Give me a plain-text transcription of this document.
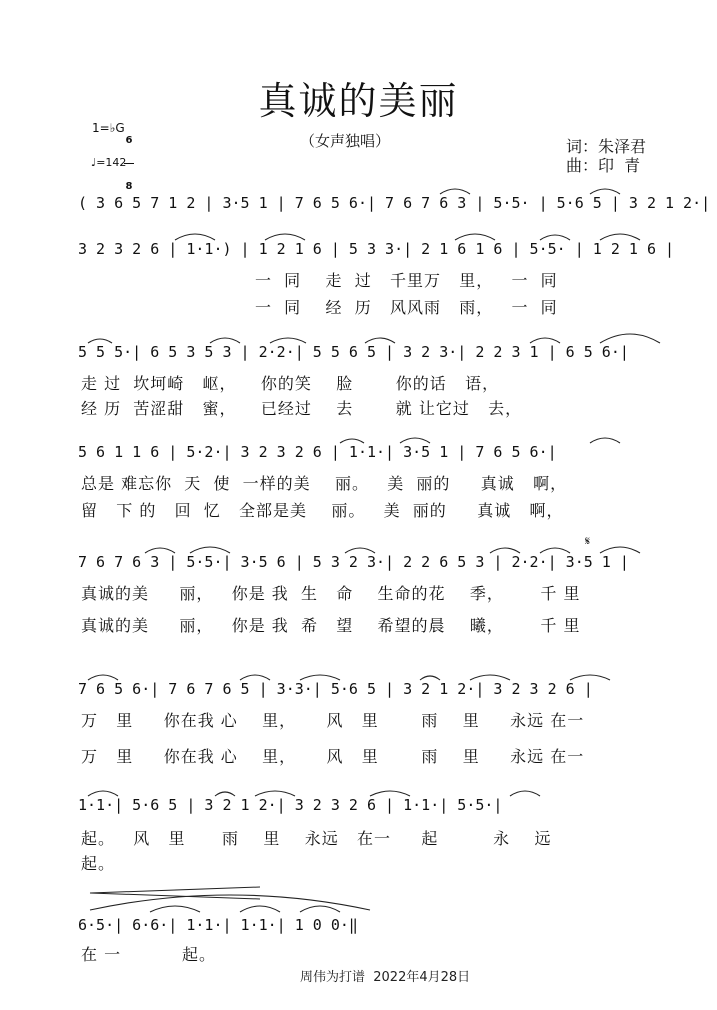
𝄋
真诚的美丽
（女声独唱）	词：朱泽君
曲：印  青
1=♭G

6

8

♩=142
( 3 6 5 7 1 2 | 3·5 1 | 7 6 5 6·| 7 6 7 6 3 | 5·5· | 5·6 5 | 3 2 1 2·|
3 2 3 2 6 | 1·1·) | 1 2 1 6 | 5 3 3·| 2 1 6 1 6 | 5·5· | 1 2 1 6 |
一  同    走  过   千里万   里，   一  同
一  同    经  历   风风雨   雨，   一  同
5 5 5·| 6 5 3 5 3 | 2·2·| 5 5 6 5 | 3 2 3·| 2 2 3 1 | 6 5 6·|
走 过  坎坷崎   岖，    你的笑    脸       你的话   语，
经 历  苦涩甜   蜜，    已经过    去       就 让它过   去，
5 6 1 1 6 | 5·2·| 3 2 3 2 6 | 1·1·| 3·5 1 | 7 6 5 6·|
总是 难忘你  天  使  一样的美    丽。   美  丽的     真诚   啊，
留   下 的   回  忆   全部是美    丽。   美  丽的     真诚   啊，
7 6 7 6 3 | 5·5·| 3·5 6 | 5 3 2 3·| 2 2 6 5 3 | 2·2·| 3·5 1 |
真诚的美     丽，   你是 我  生   命    生命的花    季，      千 里
真诚的美     丽，   你是 我  希   望    希望的晨    曦，      千 里
7 6 5 6·| 7 6 7 6 5 | 3·3·| 5·6 5 | 3 2 1 2·| 3 2 3 2 6 |
万   里     你在我 心    里，     风   里       雨    里     永远 在一
万   里     你在我 心    里，     风   里       雨    里     永远 在一
1·1·| 5·6 5 | 3 2 1 2·| 3 2 3 2 6 | 1·1·| 5·5·|
起。   风   里      雨    里    永远   在一     起         永    远
起。
6·5·| 6·6·| 1·1·| 1·1·| 1 0 0·‖
在 一          起。
周伟为打谱  2022年4月28日
